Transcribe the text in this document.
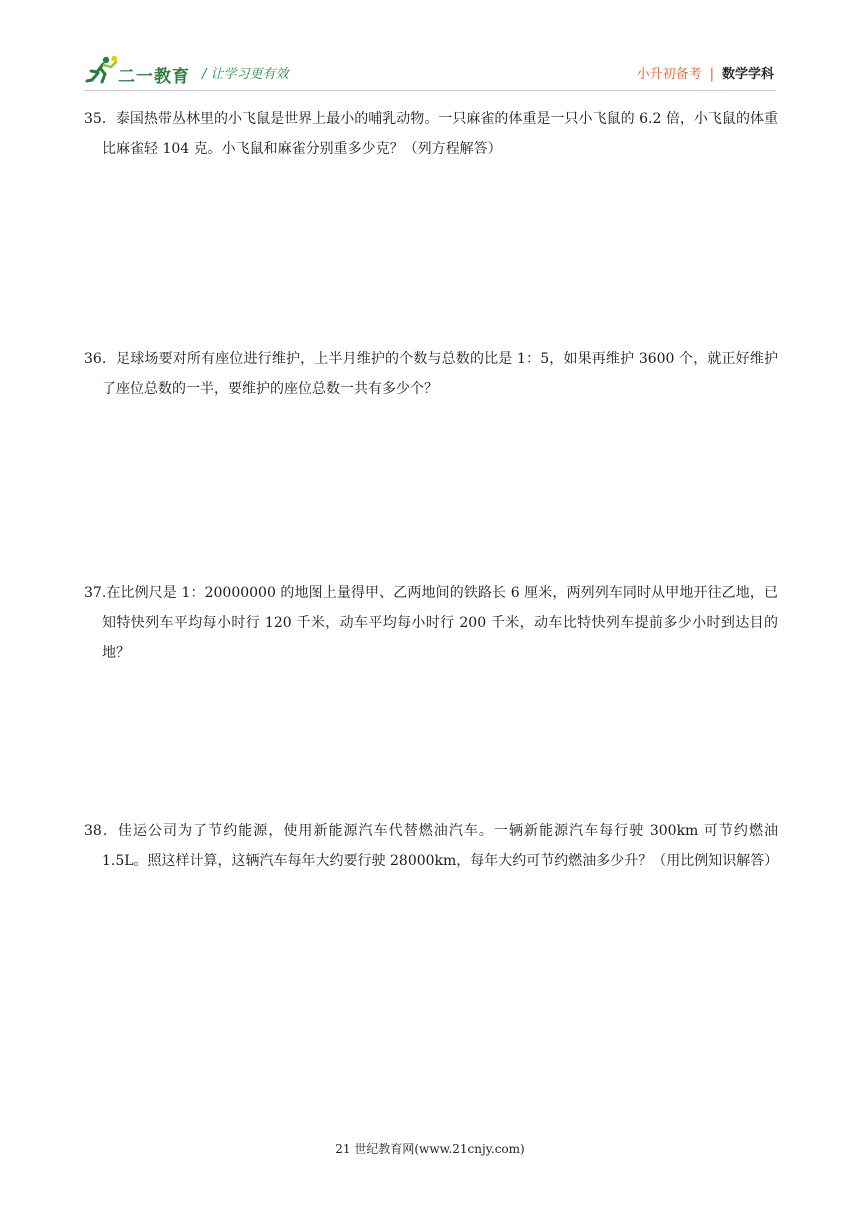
二一教育 / 让学习更有效	小升初备考 | 数学学科
35．泰国热带丛林里的小飞鼠是世界上最小的哺乳动物。一只麻雀的体重是一只小飞鼠的 6.2 倍，小飞鼠的体重比麻雀轻 104 克。小飞鼠和麻雀分别重多少克？（列方程解答）
36．足球场要对所有座位进行维护，上半月维护的个数与总数的比是 1：5，如果再维护 3600 个，就正好维护了座位总数的一半，要维护的座位总数一共有多少个？
37.在比例尺是 1：20000000 的地图上量得甲、乙两地间的铁路长 6 厘米，两列列车同时从甲地开往乙地，已知特快列车平均每小时行 120 千米，动车平均每小时行 200 千米，动车比特快列车提前多少小时到达目的地？
38．佳运公司为了节约能源，使用新能源汽车代替燃油汽车。一辆新能源汽车每行驶 300km 可节约燃油 1.5L。照这样计算，这辆汽车每年大约要行驶 28000km，每年大约可节约燃油多少升？（用比例知识解答）
21 世纪教育网(www.21cnjy.com)
